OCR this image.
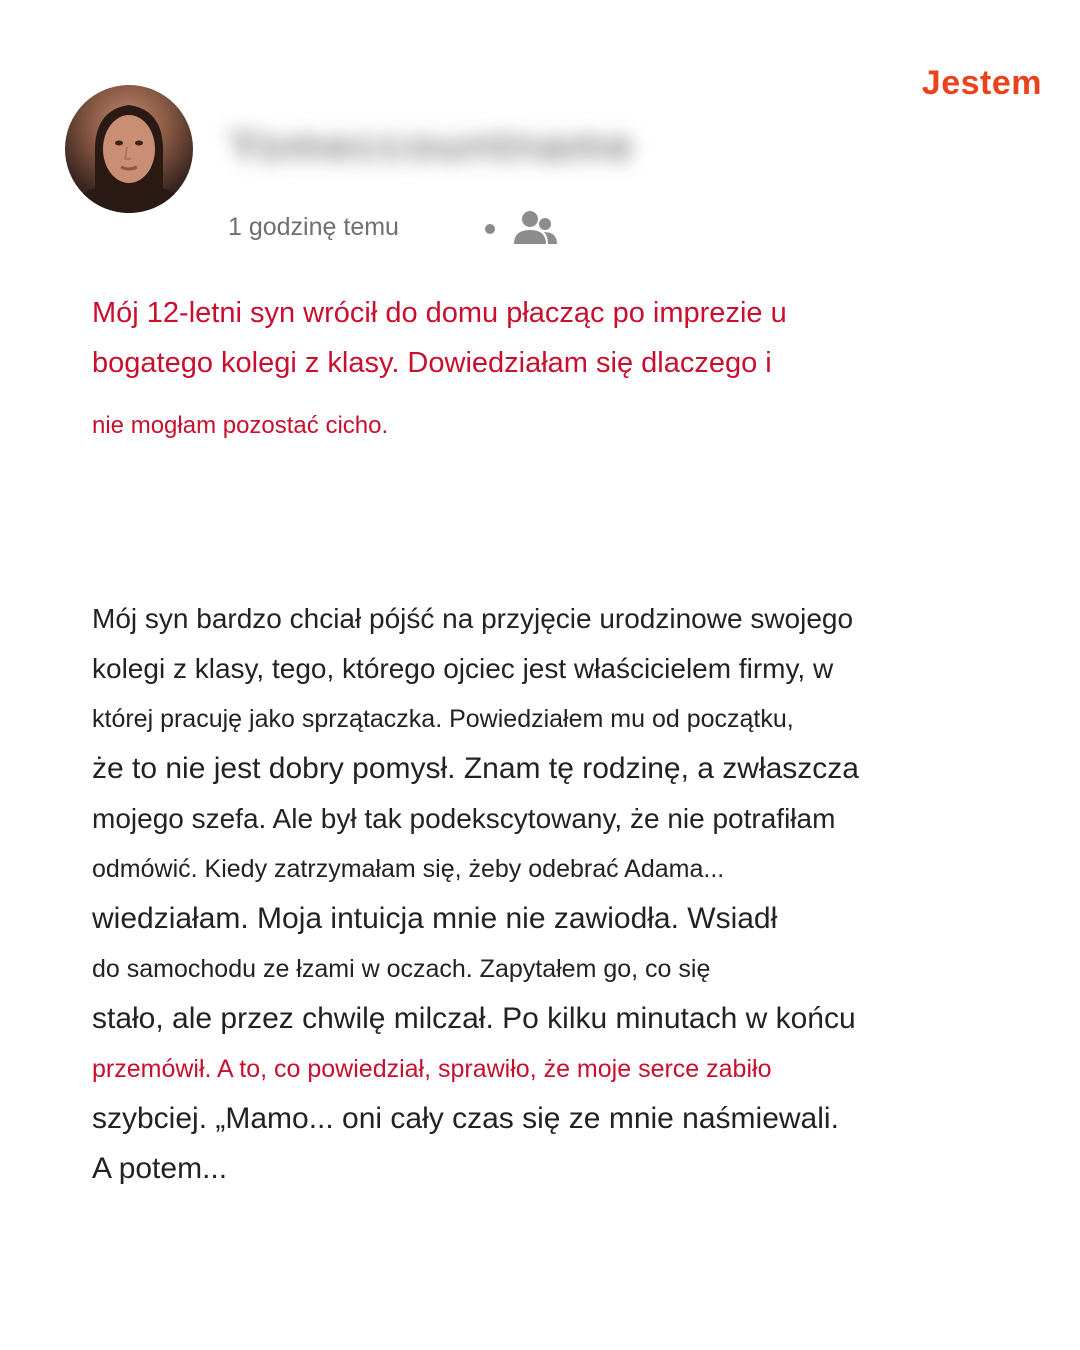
Jestem
Yomeccountname
1 godzinę temu
Mój 12-letni syn wrócił do domu płacząc po imprezie u
bogatego kolegi z klasy. Dowiedziałam się dlaczego i
nie mogłam pozostać cicho.
Mój syn bardzo chciał pójść na przyjęcie urodzinowe swojego
kolegi z klasy, tego, którego ojciec jest właścicielem firmy, w
której pracuję jako sprzątaczka. Powiedziałem mu od początku,
że to nie jest dobry pomysł. Znam tę rodzinę, a zwłaszcza
mojego szefa. Ale był tak podekscytowany, że nie potrafiłam
odmówić. Kiedy zatrzymałam się, żeby odebrać Adama...
wiedziałam. Moja intuicja mnie nie zawiodła. Wsiadł
do samochodu ze łzami w oczach. Zapytałem go, co się
stało, ale przez chwilę milczał. Po kilku minutach w końcu
przemówił. A to, co powiedział, sprawiło, że moje serce zabiło
szybciej. „Mamo... oni cały czas się ze mnie naśmiewali.
A potem...
